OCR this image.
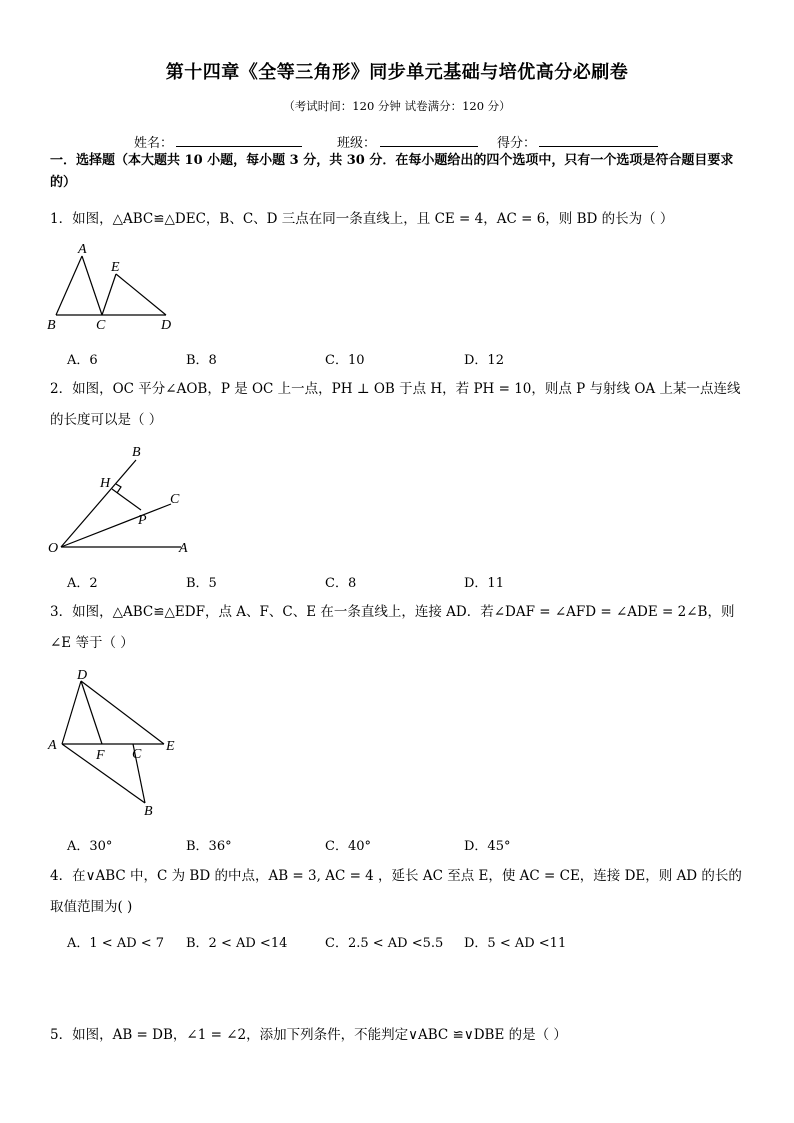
第十四章《全等三角形》同步单元基础与培优高分必刷卷
（考试时间：120 分钟 试卷满分：120 分）
姓名：	班级：	得分：
一．选择题（本大题共 10 小题，每小题 3 分，共 30 分．在每小题给出的四个选项中，只有一个选项是符合题目要求的）
1．如图，△ABC≌△DEC，B、C、D 三点在同一条直线上，且 CE = 4，AC = 6，则 BD 的长为（ ）
A
E
B	C	D
A．6	B．8	C．10	D．12
2．如图，OC 平分∠AOB，P 是 OC 上一点，PH ⊥ OB 于点 H，若 PH = 10，则点 P 与射线 OA 上某一点连线的长度可以是（ ）
B
H
C
P
O	A
A．2	B．5	C．8	D．11
3．如图，△ABC≌△EDF，点 A、F、C、E 在一条直线上，连接 AD．若∠DAF = ∠AFD = ∠ADE = 2∠B，则∠E 等于（ ）
D
A
F C
E
B
A．30°	B．36°	C．40°	D．45°
4．在∨ABC 中，C 为 BD 的中点，AB = 3, AC = 4 ，延长 AC 至点 E，使 AC = CE，连接 DE，则 AD 的长的取值范围为( )
A．1 < AD < 7 B．2 < AD <14	C．2.5 < AD <5.5 D．5 < AD <11
5．如图，AB = DB，∠1 = ∠2，添加下列条件，不能判定∨ABC ≌∨DBE 的是（ ）
